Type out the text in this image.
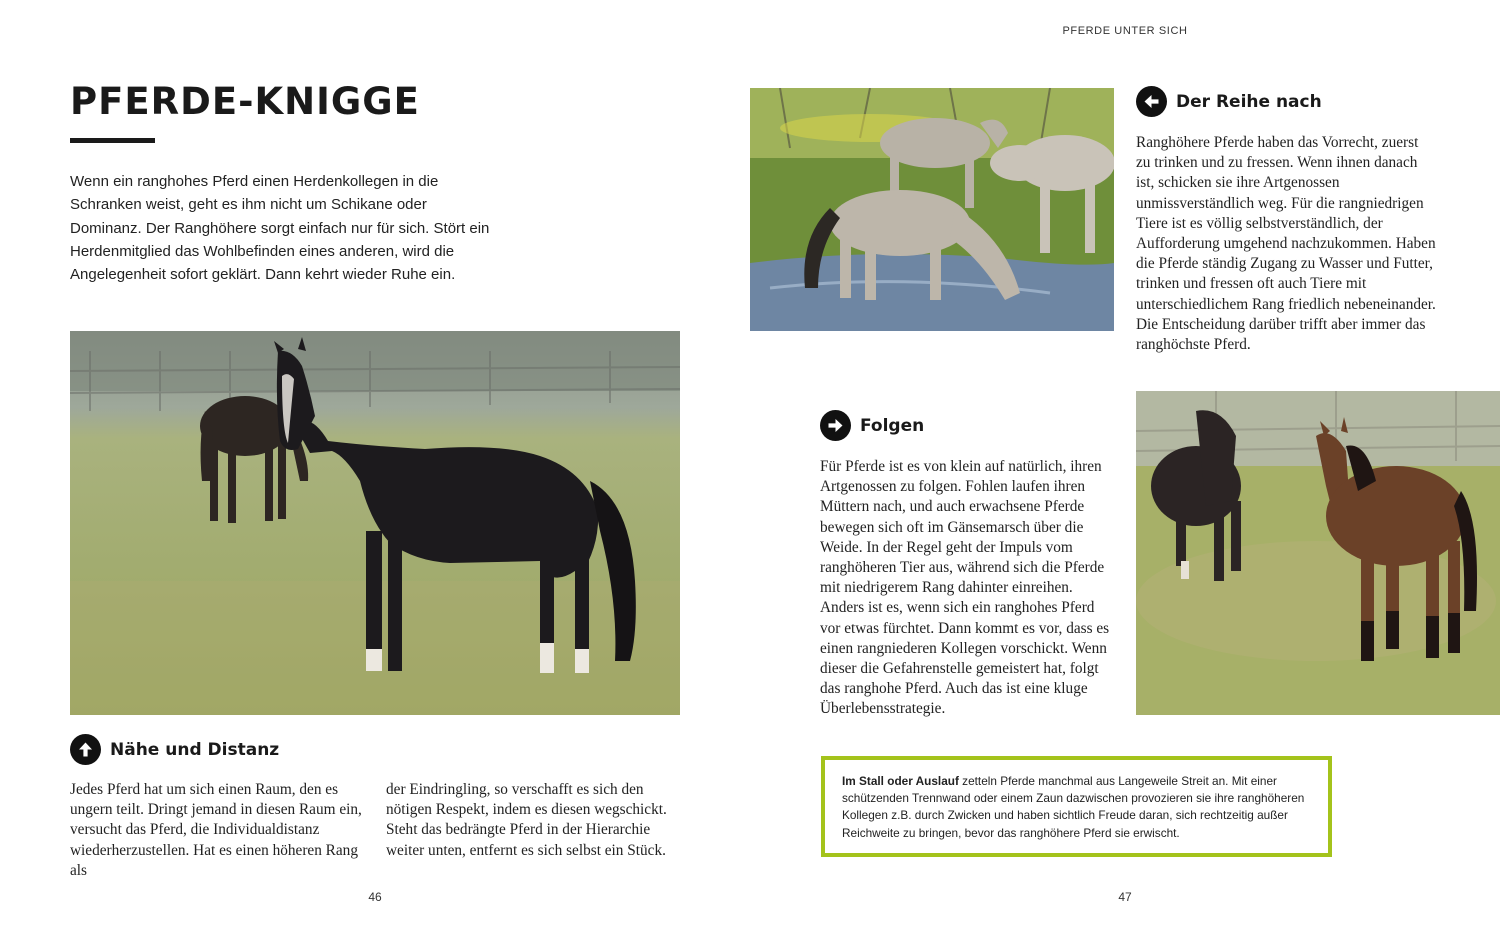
PFERDE UNTER SICH
PFERDE-KNIGGE

Wenn ein ranghohes Pferd einen Herdenkollegen in die Schranken weist, geht es ihm nicht um Schikane oder Dominanz. Der Ranghöhere sorgt einfach nur für sich. Stört ein Herdenmitglied das Wohlbefinden eines anderen, wird die Angelegenheit sofort geklärt. Dann kehrt wieder Ruhe ein.

Nähe und Distanz

Jedes Pferd hat um sich einen Raum, den es ungern teilt. Dringt jemand in diesen Raum ein, versucht das Pferd, die Individualdistanz wiederherzustellen. Hat es einen höheren Rang als

der Eindringling, so verschafft es sich den nötigen Respekt, indem es diesen wegschickt. Steht das bedrängte Pferd in der Hierarchie weiter unten, entfernt es sich selbst ein Stück.

46
Der Reihe nach

Ranghöhere Pferde haben das Vorrecht, zuerst zu trinken und zu fressen. Wenn ihnen danach ist, schicken sie ihre Artgenossen unmissverständlich weg. Für die rangniedrigen Tiere ist es völlig selbstverständlich, der Aufforderung umgehend nachzukommen. Haben die Pferde ständig Zugang zu Wasser und Futter, trinken und fressen oft auch Tiere mit unterschiedlichem Rang friedlich nebeneinander. Die Entscheidung darüber trifft aber immer das ranghöchste Pferd.

Folgen

Für Pferde ist es von klein auf natürlich, ihren Artgenossen zu folgen. Fohlen laufen ihren Müttern nach, und auch erwachsene Pferde bewegen sich oft im Gänsemarsch über die Weide. In der Regel geht der Impuls vom ranghöheren Tier aus, während sich die Pferde mit niedrigerem Rang dahinter einreihen. Anders ist es, wenn sich ein ranghohes Pferd vor etwas fürchtet. Dann kommt es vor, dass es einen rangniederen Kollegen vorschickt. Wenn dieser die Gefahrenstelle gemeistert hat, folgt das ranghohe Pferd. Auch das ist eine kluge Überlebensstrategie.

Im Stall oder Auslauf zetteln Pferde manchmal aus Langeweile Streit an. Mit einer schützenden Trennwand oder einem Zaun dazwischen provozieren sie ihre ranghöheren Kollegen z.B. durch Zwicken und haben sichtlich Freude daran, sich rechtzeitig außer Reichweite zu bringen, bevor das ranghöhere Pferd sie erwischt.
47
